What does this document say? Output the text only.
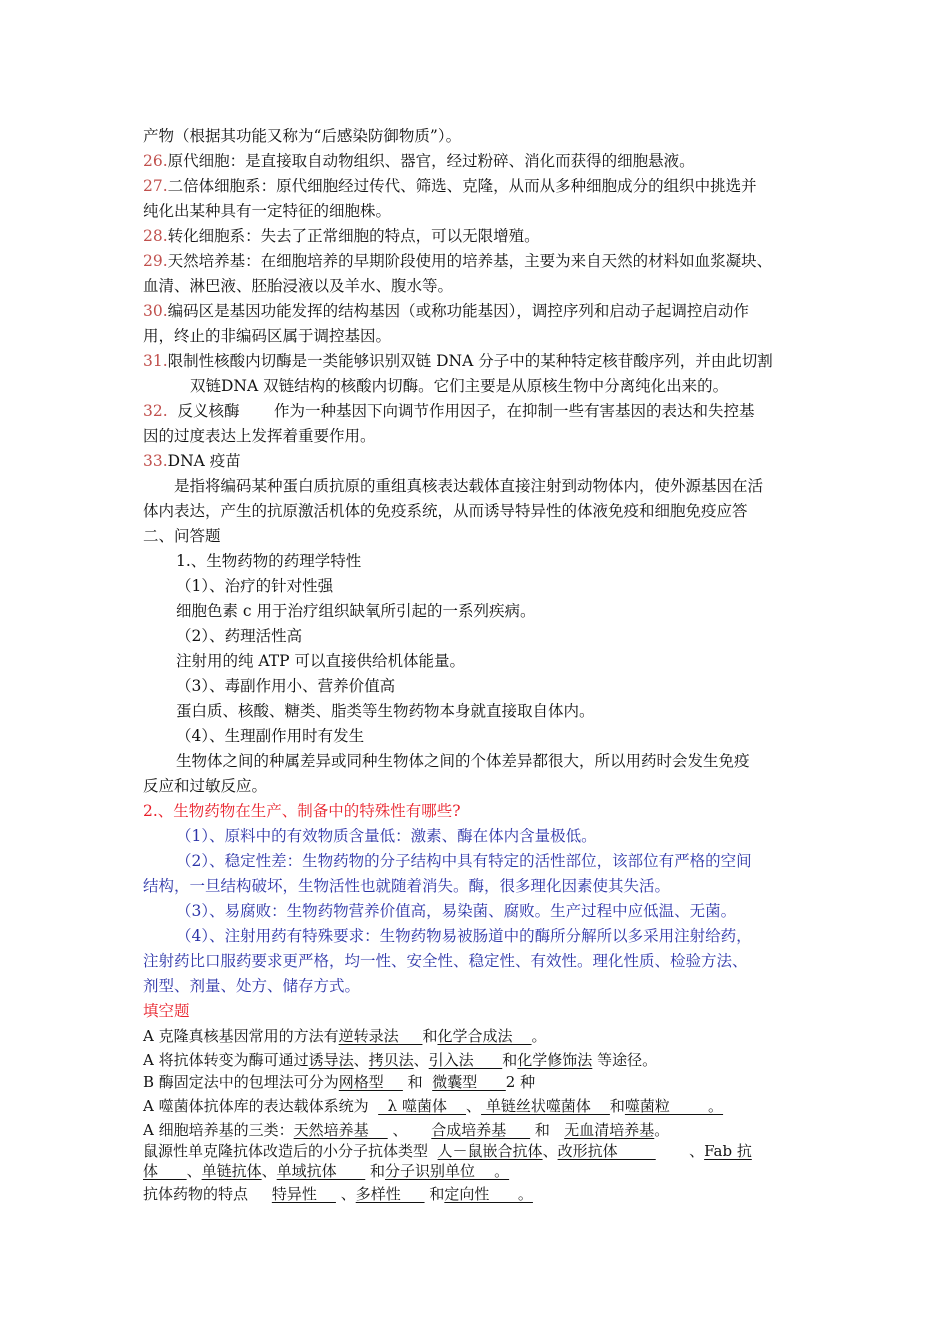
产物（根据其功能又称为“后感染防御物质”）。
26.原代细胞：是直接取自动物组织、器官，经过粉碎、消化而获得的细胞悬液。
27.二倍体细胞系：原代细胞经过传代、筛选、克隆，从而从多种细胞成分的组织中挑选并
纯化出某种具有一定特征的细胞株。
28.转化细胞系：失去了正常细胞的特点，可以无限增殖。
29.天然培养基：在细胞培养的早期阶段使用的培养基，主要为来自天然的材料如血浆凝块、
血清、淋巴液、胚胎浸液以及羊水、腹水等。
30.编码区是基因功能发挥的结构基因（或称功能基因），调控序列和启动子起调控启动作
用，终止的非编码区属于调控基因。
31.限制性核酸内切酶是一类能够识别双链 DNA 分子中的某种特定核苷酸序列，并由此切割
双链DNA 双链结构的核酸内切酶。它们主要是从原核生物中分离纯化出来的。
32.  反义核酶       作为一种基因下向调节作用因子，在抑制一些有害基因的表达和失控基
因的过度表达上发挥着重要作用。
33.DNA 疫苗
是指将编码某种蛋白质抗原的重组真核表达载体直接注射到动物体内，使外源基因在活
体内表达，产生的抗原激活机体的免疫系统，从而诱导特异性的体液免疫和细胞免疫应答
二、问答题
1.、生物药物的药理学特性
（1）、治疗的针对性强
细胞色素 c 用于治疗组织缺氧所引起的一系列疾病。
（2）、药理活性高
注射用的纯 ATP 可以直接供给机体能量。
（3）、毒副作用小、营养价值高
蛋白质、核酸、糖类、脂类等生物药物本身就直接取自体内。
（4）、生理副作用时有发生
生物体之间的种属差异或同种生物体之间的个体差异都很大，所以用药时会发生免疫
反应和过敏反应。
2.、生物药物在生产、制备中的特殊性有哪些?
（1）、原料中的有效物质含量低：激素、酶在体内含量极低。
（2）、稳定性差：生物药物的分子结构中具有特定的活性部位，该部位有严格的空间
结构，一旦结构破坏，生物活性也就随着消失。酶，很多理化因素使其失活。
（3）、易腐败：生物药物营养价值高，易染菌、腐败。生产过程中应低温、无菌。
（4）、注射用药有特殊要求：生物药物易被肠道中的酶所分解所以多采用注射给药，
注射药比口服药要求更严格，均一性、安全性、稳定性、有效性。理化性质、检验方法、
剂型、剂量、处方、储存方式。
填空题
A 克隆真核基因常用的方法有逆转录法     和化学合成法    。
A 将抗体转变为酶可通过诱导法、拷贝法、引入法      和化学修饰法 等途径。
B 酶固定法中的包埋法可分为网格型     和  微囊型      2 种
A 噬菌体抗体库的表达载体系统为    λ 噬菌体    、 单链丝状噬菌体    和噬菌粒        。
A 细胞培养基的三类：天然培养基     、     合成培养基      和   无血清培养基。
鼠源性单克隆抗体改造后的小分子抗体类型  人－鼠嵌合抗体、改形抗体               、Fab 抗
体      、单链抗体、单域抗体       和分子识别单位    。
抗体药物的特点     特异性     、多样性      和定向性      。
